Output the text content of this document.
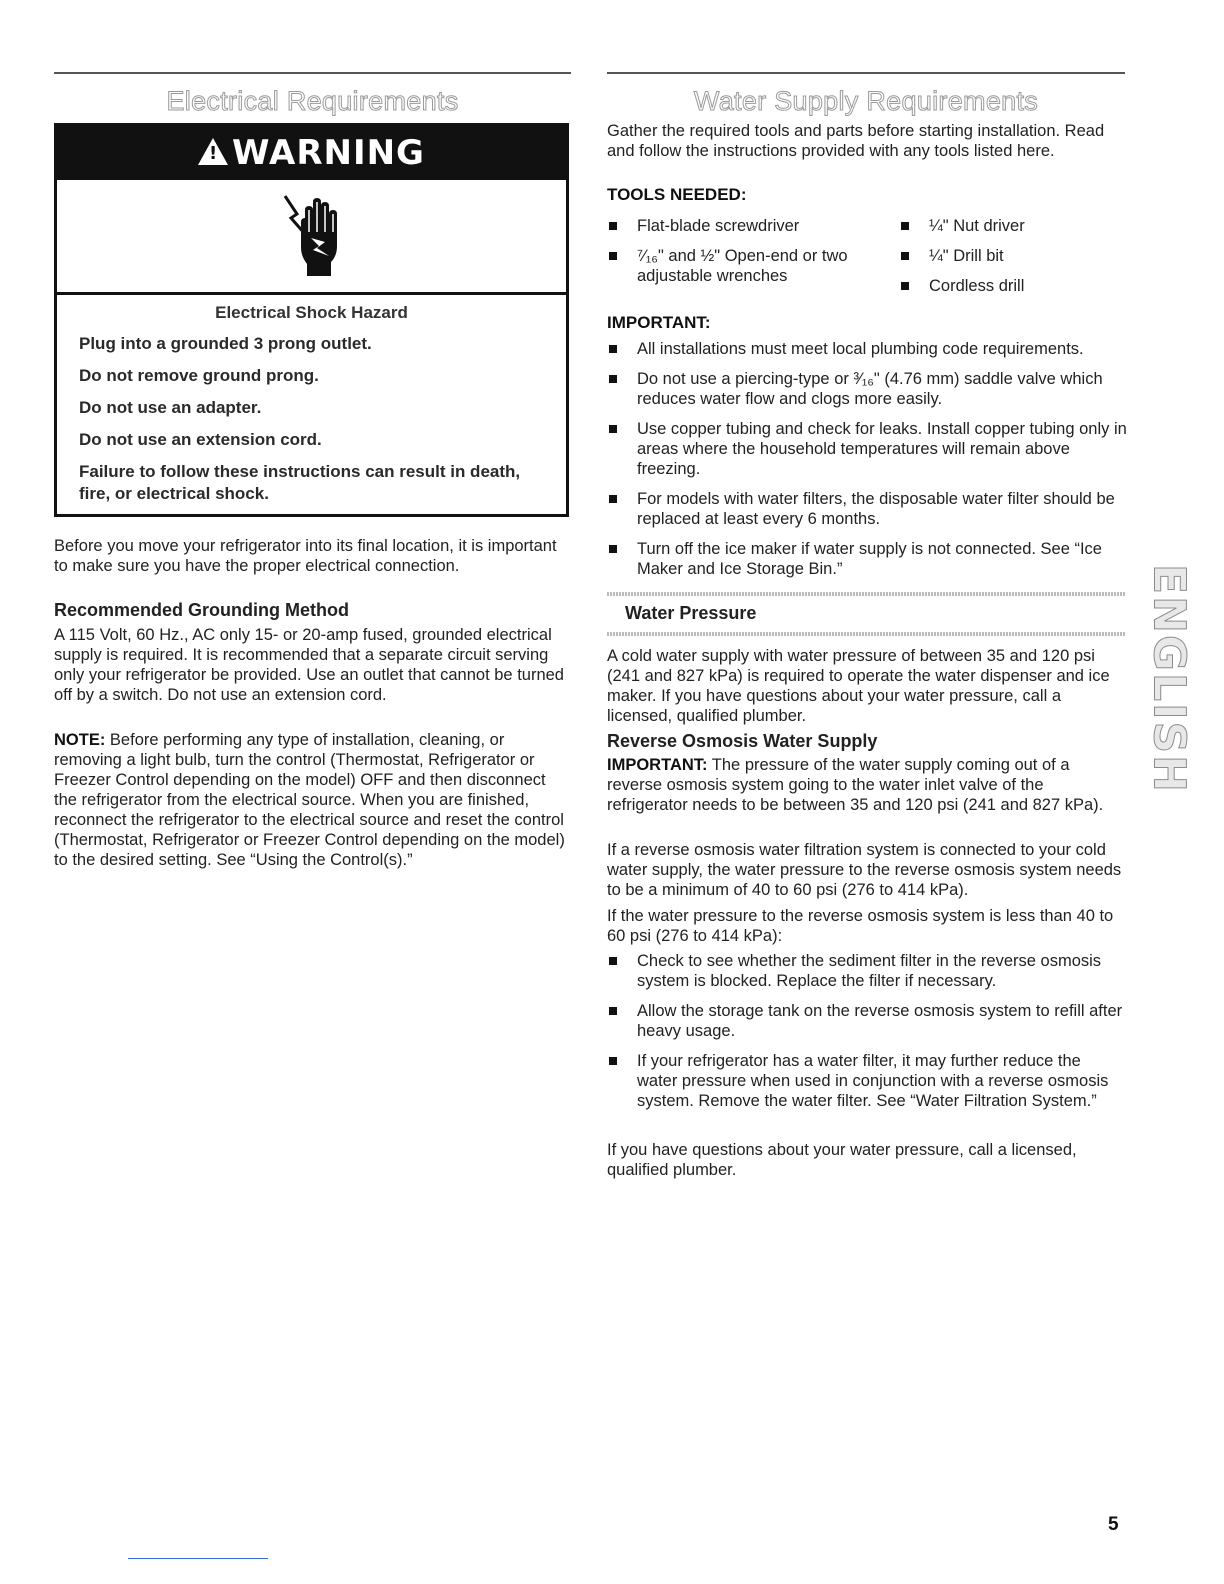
Electrical Requirements	Water Supply Requirements
!
WARNING
Electrical Shock Hazard

Plug into a grounded 3 prong outlet.

Do not remove ground prong.

Do not use an adapter.

Do not use an extension cord.

Failure to follow these instructions can result in death, fire, or electrical shock.

Before you move your refrigerator into its final location, it is important to make sure you have the proper electrical connection.

Recommended Grounding Method

A 115 Volt, 60 Hz., AC only 15- or 20-amp fused, grounded electrical supply is required. It is recommended that a separate circuit serving only your refrigerator be provided. Use an outlet that cannot be turned off by a switch. Do not use an extension cord.

NOTE: Before performing any type of installation, cleaning, or removing a light bulb, turn the control (Thermostat, Refrigerator or Freezer Control depending on the model) OFF and then disconnect the refrigerator from the electrical source. When you are finished, reconnect the refrigerator to the electrical source and reset the control (Thermostat, Refrigerator or Freezer Control depending on the model) to the desired setting. See “Using the Control(s).”

Gather the required tools and parts before starting installation. Read and follow the instructions provided with any tools listed here.

TOOLS NEEDED:
Flat-blade screwdriver
⁷⁄₁₆" and ½" Open-end or two adjustable wrenches
¼" Nut driver
¼" Drill bit
Cordless drill
IMPORTANT:
All installations must meet local plumbing code requirements.
Do not use a piercing-type or ³⁄₁₆" (4.76 mm) saddle valve which reduces water flow and clogs more easily.
Use copper tubing and check for leaks. Install copper tubing only in areas where the household temperatures will remain above freezing.
For models with water filters, the disposable water filter should be replaced at least every 6 months.
Turn off the ice maker if water supply is not connected. See “Ice Maker and Ice Storage Bin.”
Water Pressure

A cold water supply with water pressure of between 35 and 120 psi (241 and 827 kPa) is required to operate the water dispenser and ice maker. If you have questions about your water pressure, call a licensed, qualified plumber.

Reverse Osmosis Water Supply

IMPORTANT: The pressure of the water supply coming out of a reverse osmosis system going to the water inlet valve of the refrigerator needs to be between 35 and 120 psi (241 and 827 kPa).

If a reverse osmosis water filtration system is connected to your cold water supply, the water pressure to the reverse osmosis system needs to be a minimum of 40 to 60 psi (276 to 414 kPa).

If the water pressure to the reverse osmosis system is less than 40 to 60 psi (276 to 414 kPa):

Check to see whether the sediment filter in the reverse osmosis system is blocked. Replace the filter if necessary.
Allow the storage tank on the reverse osmosis system to refill after heavy usage.
If your refrigerator has a water filter, it may further reduce the water pressure when used in conjunction with a reverse osmosis system. Remove the water filter. See “Water Filtration System.”

If you have questions about your water pressure, call a licensed, qualified plumber.

ENGLISH
5
